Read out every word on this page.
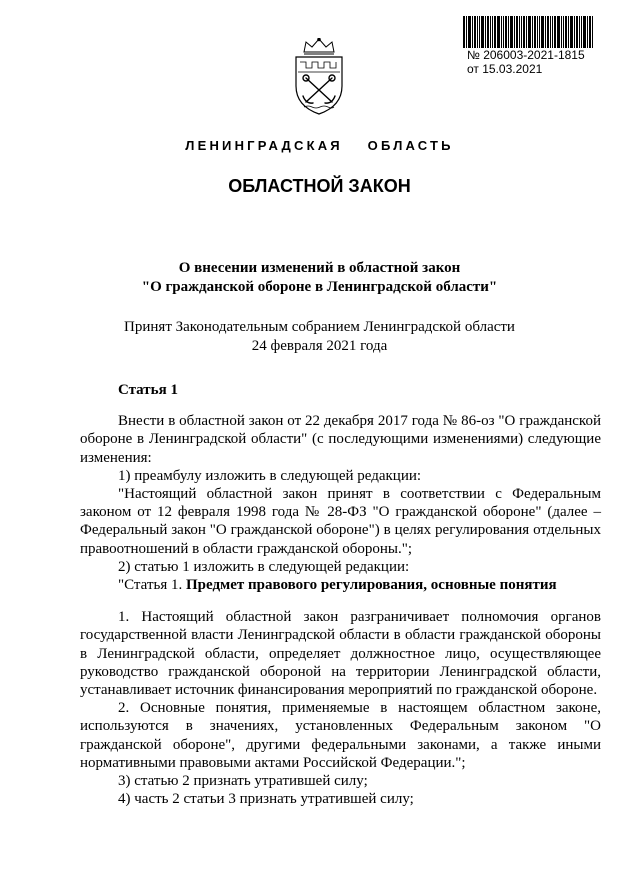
№ 206003-2021-1815
от 15.03.2021
ЛЕНИНГРАДСКАЯ ОБЛАСТЬ
ОБЛАСТНОЙ ЗАКОН
О внесении изменений в областной закон
"О гражданской обороне в Ленинградской области"
Принят Законодательным собранием Ленинградской области
24 февраля 2021 года
Статья 1

Внести в областной закон от 22 декабря 2017 года № 86-оз "О гражданской обороне в Ленинградской области" (с последующими изменениями) следующие изменения:

1) преамбулу изложить в следующей редакции:

"Настоящий областной закон принят в соответствии с Федеральным законом от 12 февраля 1998 года № 28-ФЗ "О гражданской обороне" (далее – Федеральный закон "О гражданской обороне") в целях регулирования отдельных правоотношений в области гражданской обороны.";

2) статью 1 изложить в следующей редакции:

"Статья 1. Предмет правового регулирования, основные понятия

1. Настоящий областной закон разграничивает полномочия органов государственной власти Ленинградской области в области гражданской обороны в Ленинградской области, определяет должностное лицо, осуществляющее руководство гражданской обороной на территории Ленинградской области, устанавливает источник финансирования мероприятий по гражданской обороне.

2. Основные понятия, применяемые в настоящем областном законе, используются в значениях, установленных Федеральным законом "О гражданской обороне", другими федеральными законами, а также иными нормативными правовыми актами Российской Федерации.";

3) статью 2 признать утратившей силу;

4) часть 2 статьи 3 признать утратившей силу;
